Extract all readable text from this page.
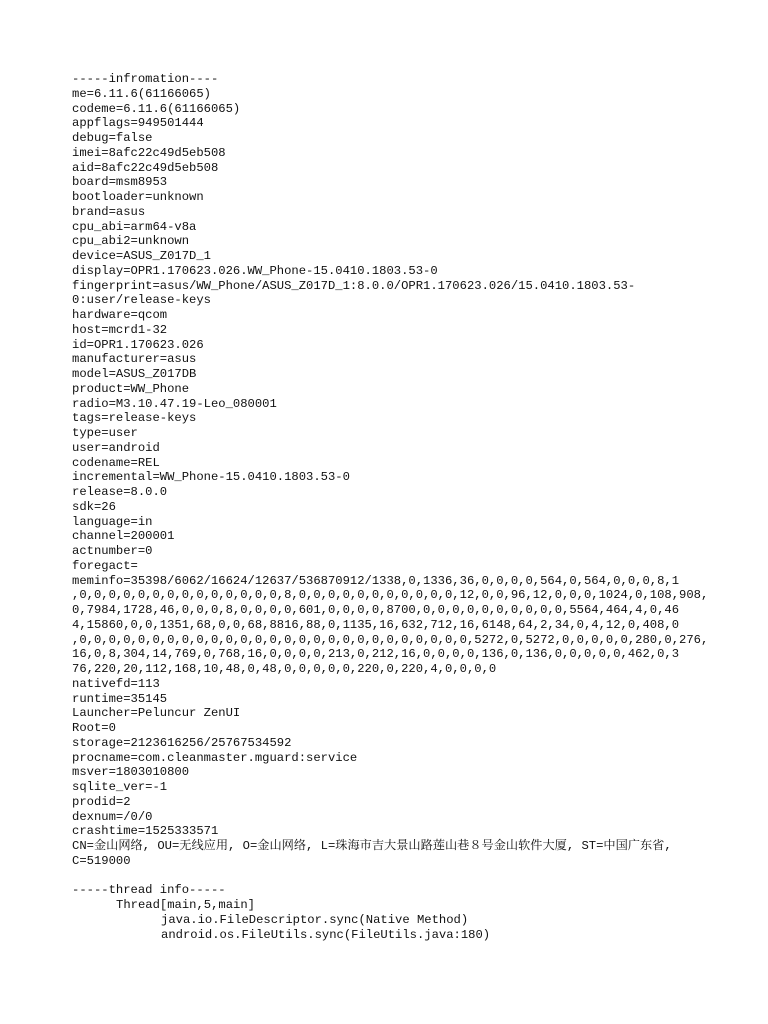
-----infromation----
me=6.11.6(61166065)
codeme=6.11.6(61166065)
appflags=949501444
debug=false
imei=8afc22c49d5eb508
aid=8afc22c49d5eb508
board=msm8953
bootloader=unknown
brand=asus
cpu_abi=arm64-v8a
cpu_abi2=unknown
device=ASUS_Z017D_1
display=OPR1.170623.026.WW_Phone-15.0410.1803.53-0
fingerprint=asus/WW_Phone/ASUS_Z017D_1:8.0.0/OPR1.170623.026/15.0410.1803.53-
0:user/release-keys
hardware=qcom
host=mcrd1-32
id=OPR1.170623.026
manufacturer=asus
model=ASUS_Z017DB
product=WW_Phone
radio=M3.10.47.19-Leo_080001
tags=release-keys
type=user
user=android
codename=REL
incremental=WW_Phone-15.0410.1803.53-0
release=8.0.0
sdk=26
language=in
channel=200001
actnumber=0
foregact=
meminfo=35398/6062/16624/12637/536870912/1338,0,1336,36,0,0,0,0,564,0,564,0,0,0,8,1
,0,0,0,0,0,0,0,0,0,0,0,0,0,0,8,0,0,0,0,0,0,0,0,0,0,0,12,0,0,96,12,0,0,0,1024,0,108,908,
0,7984,1728,46,0,0,0,8,0,0,0,0,601,0,0,0,0,8700,0,0,0,0,0,0,0,0,0,0,5564,464,4,0,46
4,15860,0,0,1351,68,0,0,68,8816,88,0,1135,16,632,712,16,6148,64,2,34,0,4,12,0,408,0
,0,0,0,0,0,0,0,0,0,0,0,0,0,0,0,0,0,0,0,0,0,0,0,0,0,0,0,5272,0,5272,0,0,0,0,0,280,0,276,
16,0,8,304,14,769,0,768,16,0,0,0,0,213,0,212,16,0,0,0,0,136,0,136,0,0,0,0,0,462,0,3
76,220,20,112,168,10,48,0,48,0,0,0,0,0,220,0,220,4,0,0,0,0
nativefd=113
runtime=35145
Launcher=Peluncur ZenUI
Root=0
storage=2123616256/25767534592
procname=com.cleanmaster.mguard:service
msver=1803010800
sqlite_ver=-1
prodid=2
dexnum=/0/0
crashtime=1525333571
CN=金山网络, OU=无线应用, O=金山网络, L=珠海市吉大景山路莲山巷８号金山软件大厦, ST=中国广东省,
C=519000
-----thread info-----
Thread[main,5,main]
java.io.FileDescriptor.sync(Native Method)
android.os.FileUtils.sync(FileUtils.java:180)
